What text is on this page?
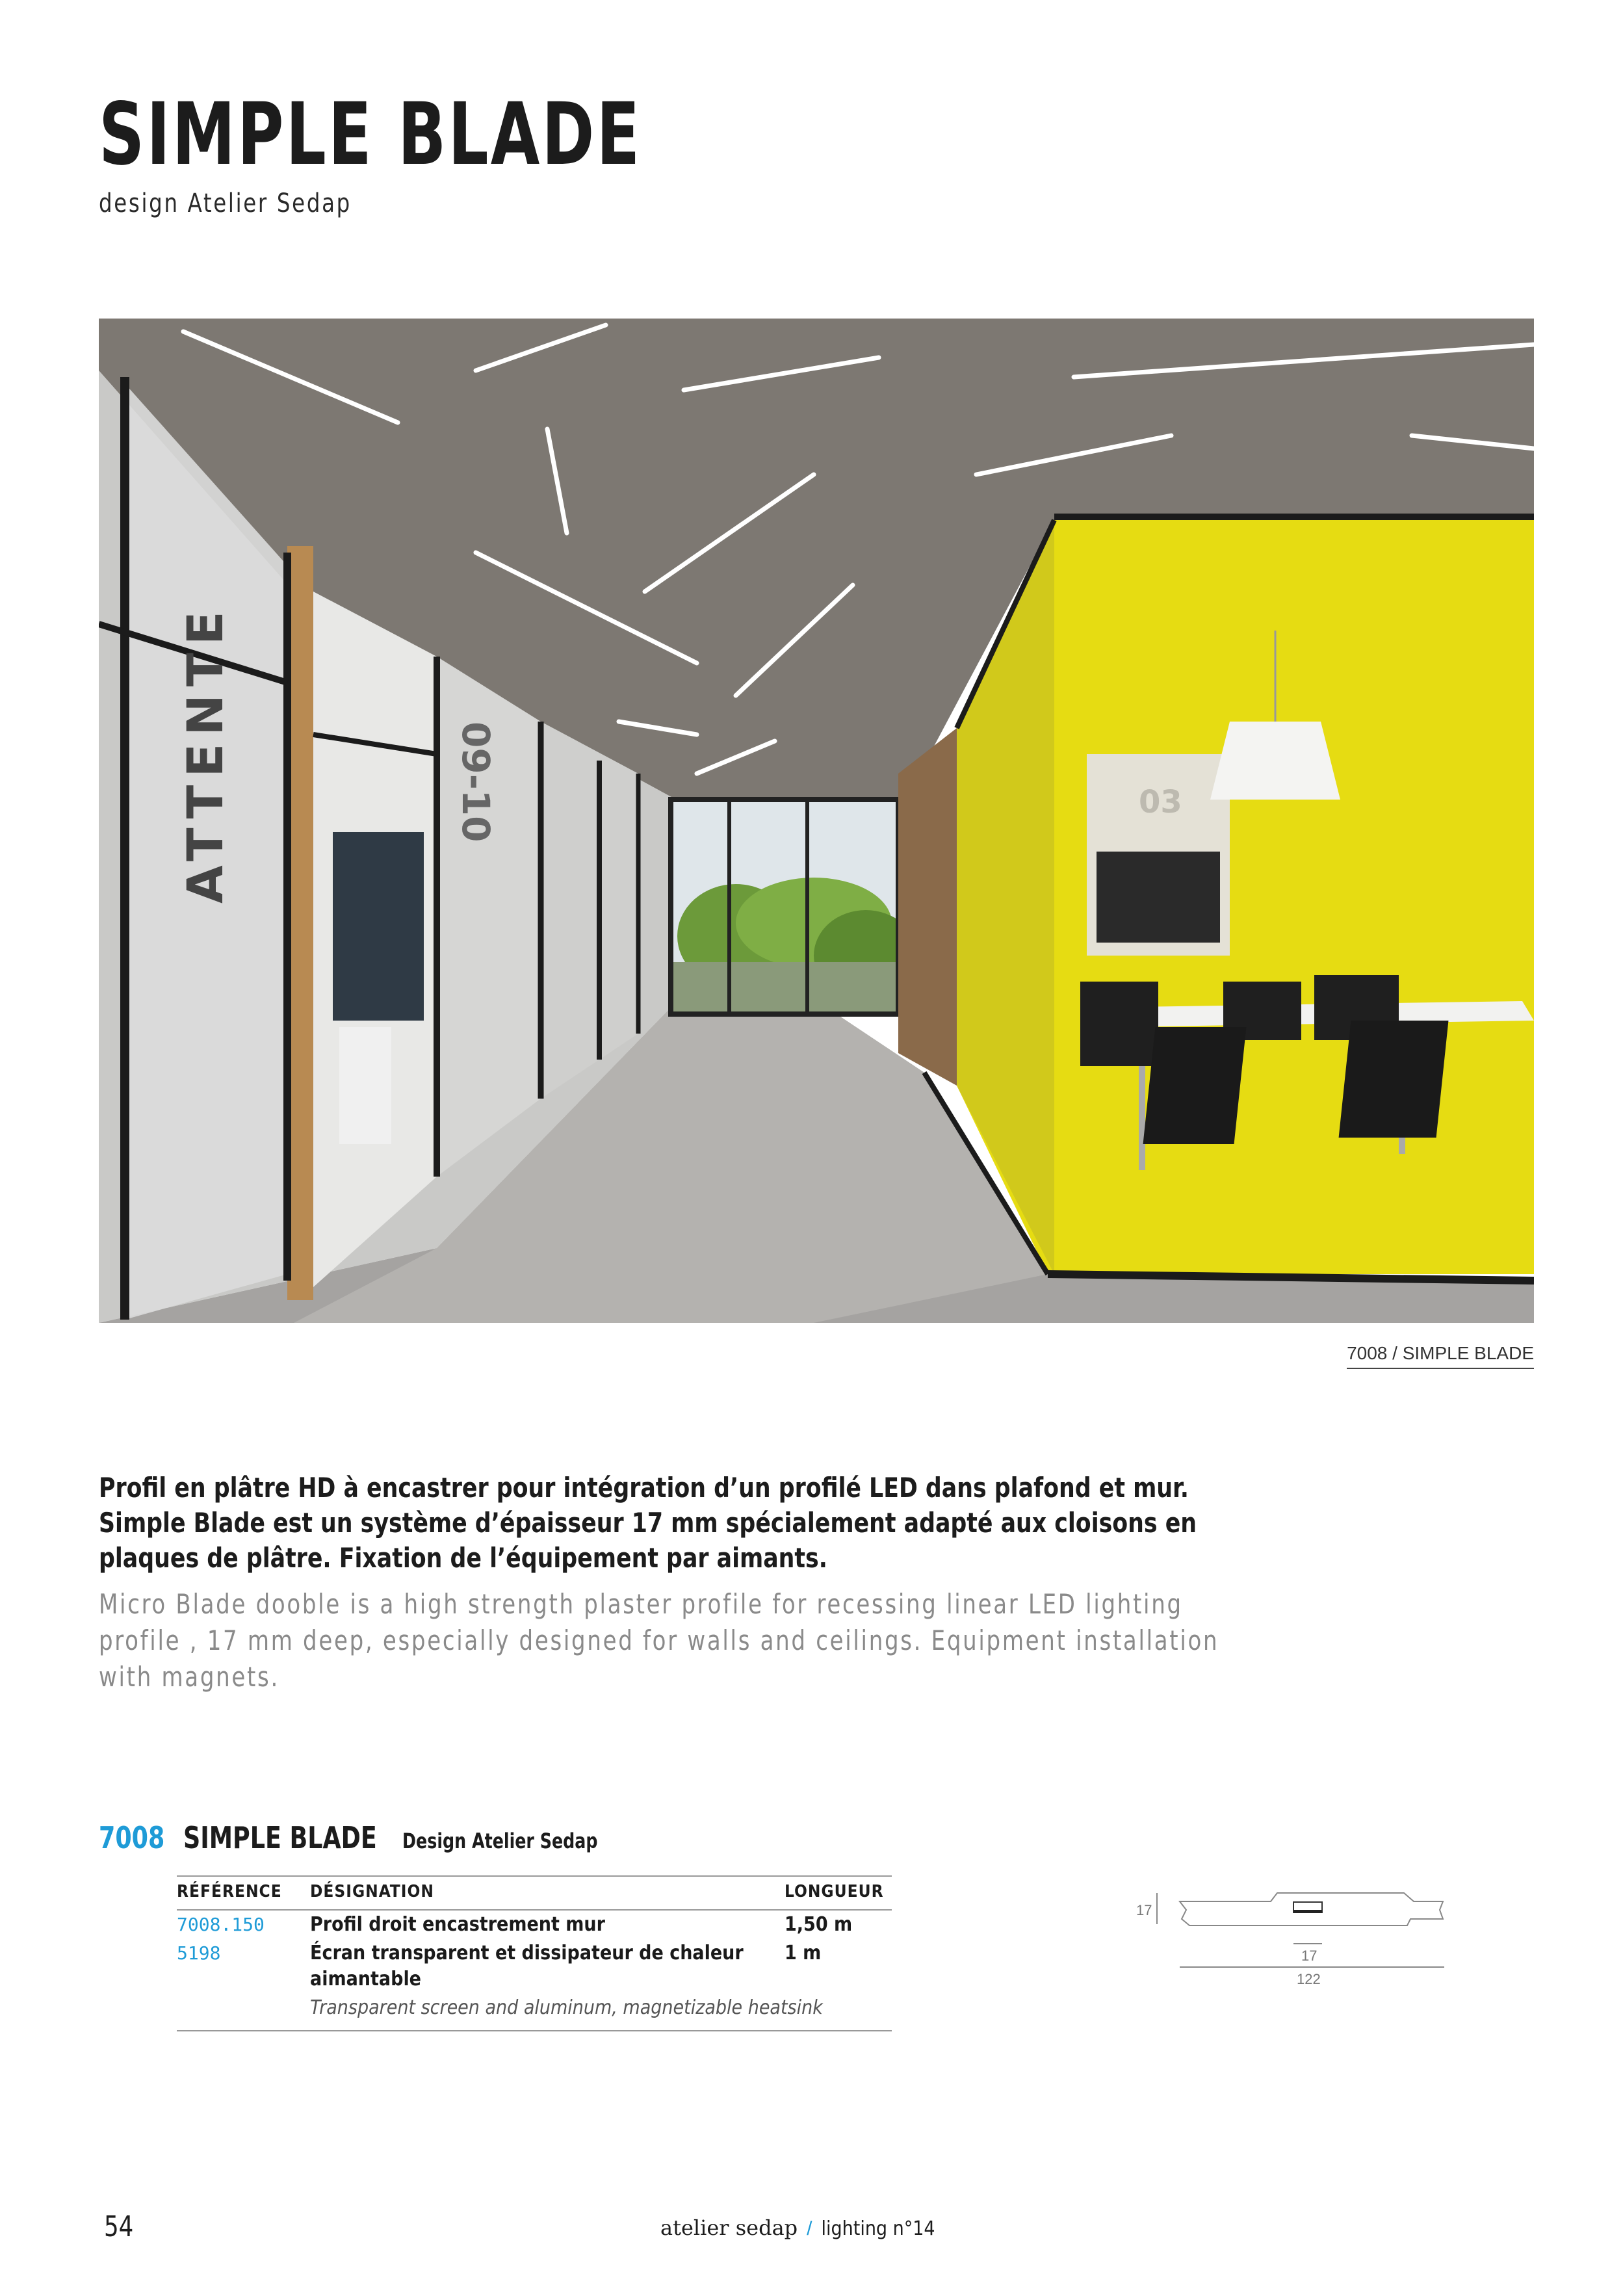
SIMPLE BLADE
design Atelier Sedap
ATTENTE	09-10	03
7008 / SIMPLE BLADE

Profil en plâtre HD à encastrer pour intégration d’un profilé LED dans plafond et mur. Simple Blade est un système d’épaisseur 17 mm spécialement adapté aux cloisons en plaques de plâtre. Fixation de l’équipement par aimants.

Micro Blade dooble is a high strength plaster profile for recessing linear LED lighting profile , 17 mm deep, especially designed for walls and ceilings. Equipment installation with magnets.

7008 SIMPLE BLADE Design Atelier Sedap
RÉFÉRENCE	DÉSIGNATION	LONGUEUR
7008.150	Profil droit encastrement mur	1,50 m
5198	Écran transparent et dissipateur de chaleur aimantable	1 m
	Transparent screen and aluminum, magnetizable heatsink	
17
17
122
54	atelier sedap / lighting n°14
